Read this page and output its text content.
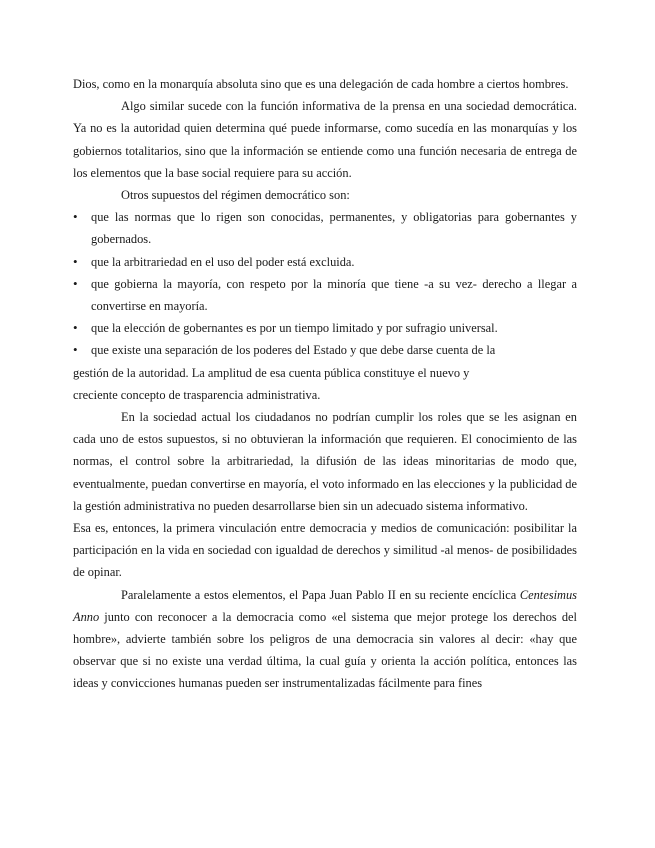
Dios, como en la monarquía absoluta sino que es una delegación de cada hombre a ciertos hombres.

Algo similar sucede con la función informativa de la prensa en una sociedad democrática. Ya no es la autoridad quien determina qué puede informarse, como sucedía en las monarquías y los gobiernos totalitarios, sino que la información se entiende como una función necesaria de entrega de los elementos que la base social requiere para su acción.

Otros supuestos del régimen democrático son:

• que las normas que lo rigen son conocidas, permanentes, y obligatorias para gobernantes y gobernados.
• que la arbitrariedad en el uso del poder está excluida.
• que gobierna la mayoría, con respeto por la minoría que tiene -a su vez- derecho a llegar a convertirse en mayoría.
• que la elección de gobernantes es por un tiempo limitado y por sufragio universal.
• que existe una separación de los poderes del Estado y que debe darse cuenta de la

gestión de la autoridad. La amplitud de esa cuenta pública constituye el nuevo y

creciente concepto de trasparencia administrativa.

En la sociedad actual los ciudadanos no podrían cumplir los roles que se les asignan en cada uno de estos supuestos, si no obtuvieran la información que requieren. El conocimiento de las normas, el control sobre la arbitrariedad, la difusión de las ideas minoritarias de modo que, eventualmente, puedan convertirse en mayoría, el voto informado en las elecciones y la publicidad de la gestión administrativa no pueden desarrollarse bien sin un adecuado sistema informativo.

Esa es, entonces, la primera vinculación entre democracia y medios de comunicación: posibilitar la participación en la vida en sociedad con igualdad de derechos y similitud -al menos- de posibilidades de opinar.

Paralelamente a estos elementos, el Papa Juan Pablo II en su reciente encíclica Centesimus Anno junto con reconocer a la democracia como «el sistema que mejor protege los derechos del hombre», advierte también sobre los peligros de una democracia sin valores al decir: «hay que observar que si no existe una verdad última, la cual guía y orienta la acción política, entonces las ideas y convicciones humanas pueden ser instrumentalizadas fácilmente para fines
